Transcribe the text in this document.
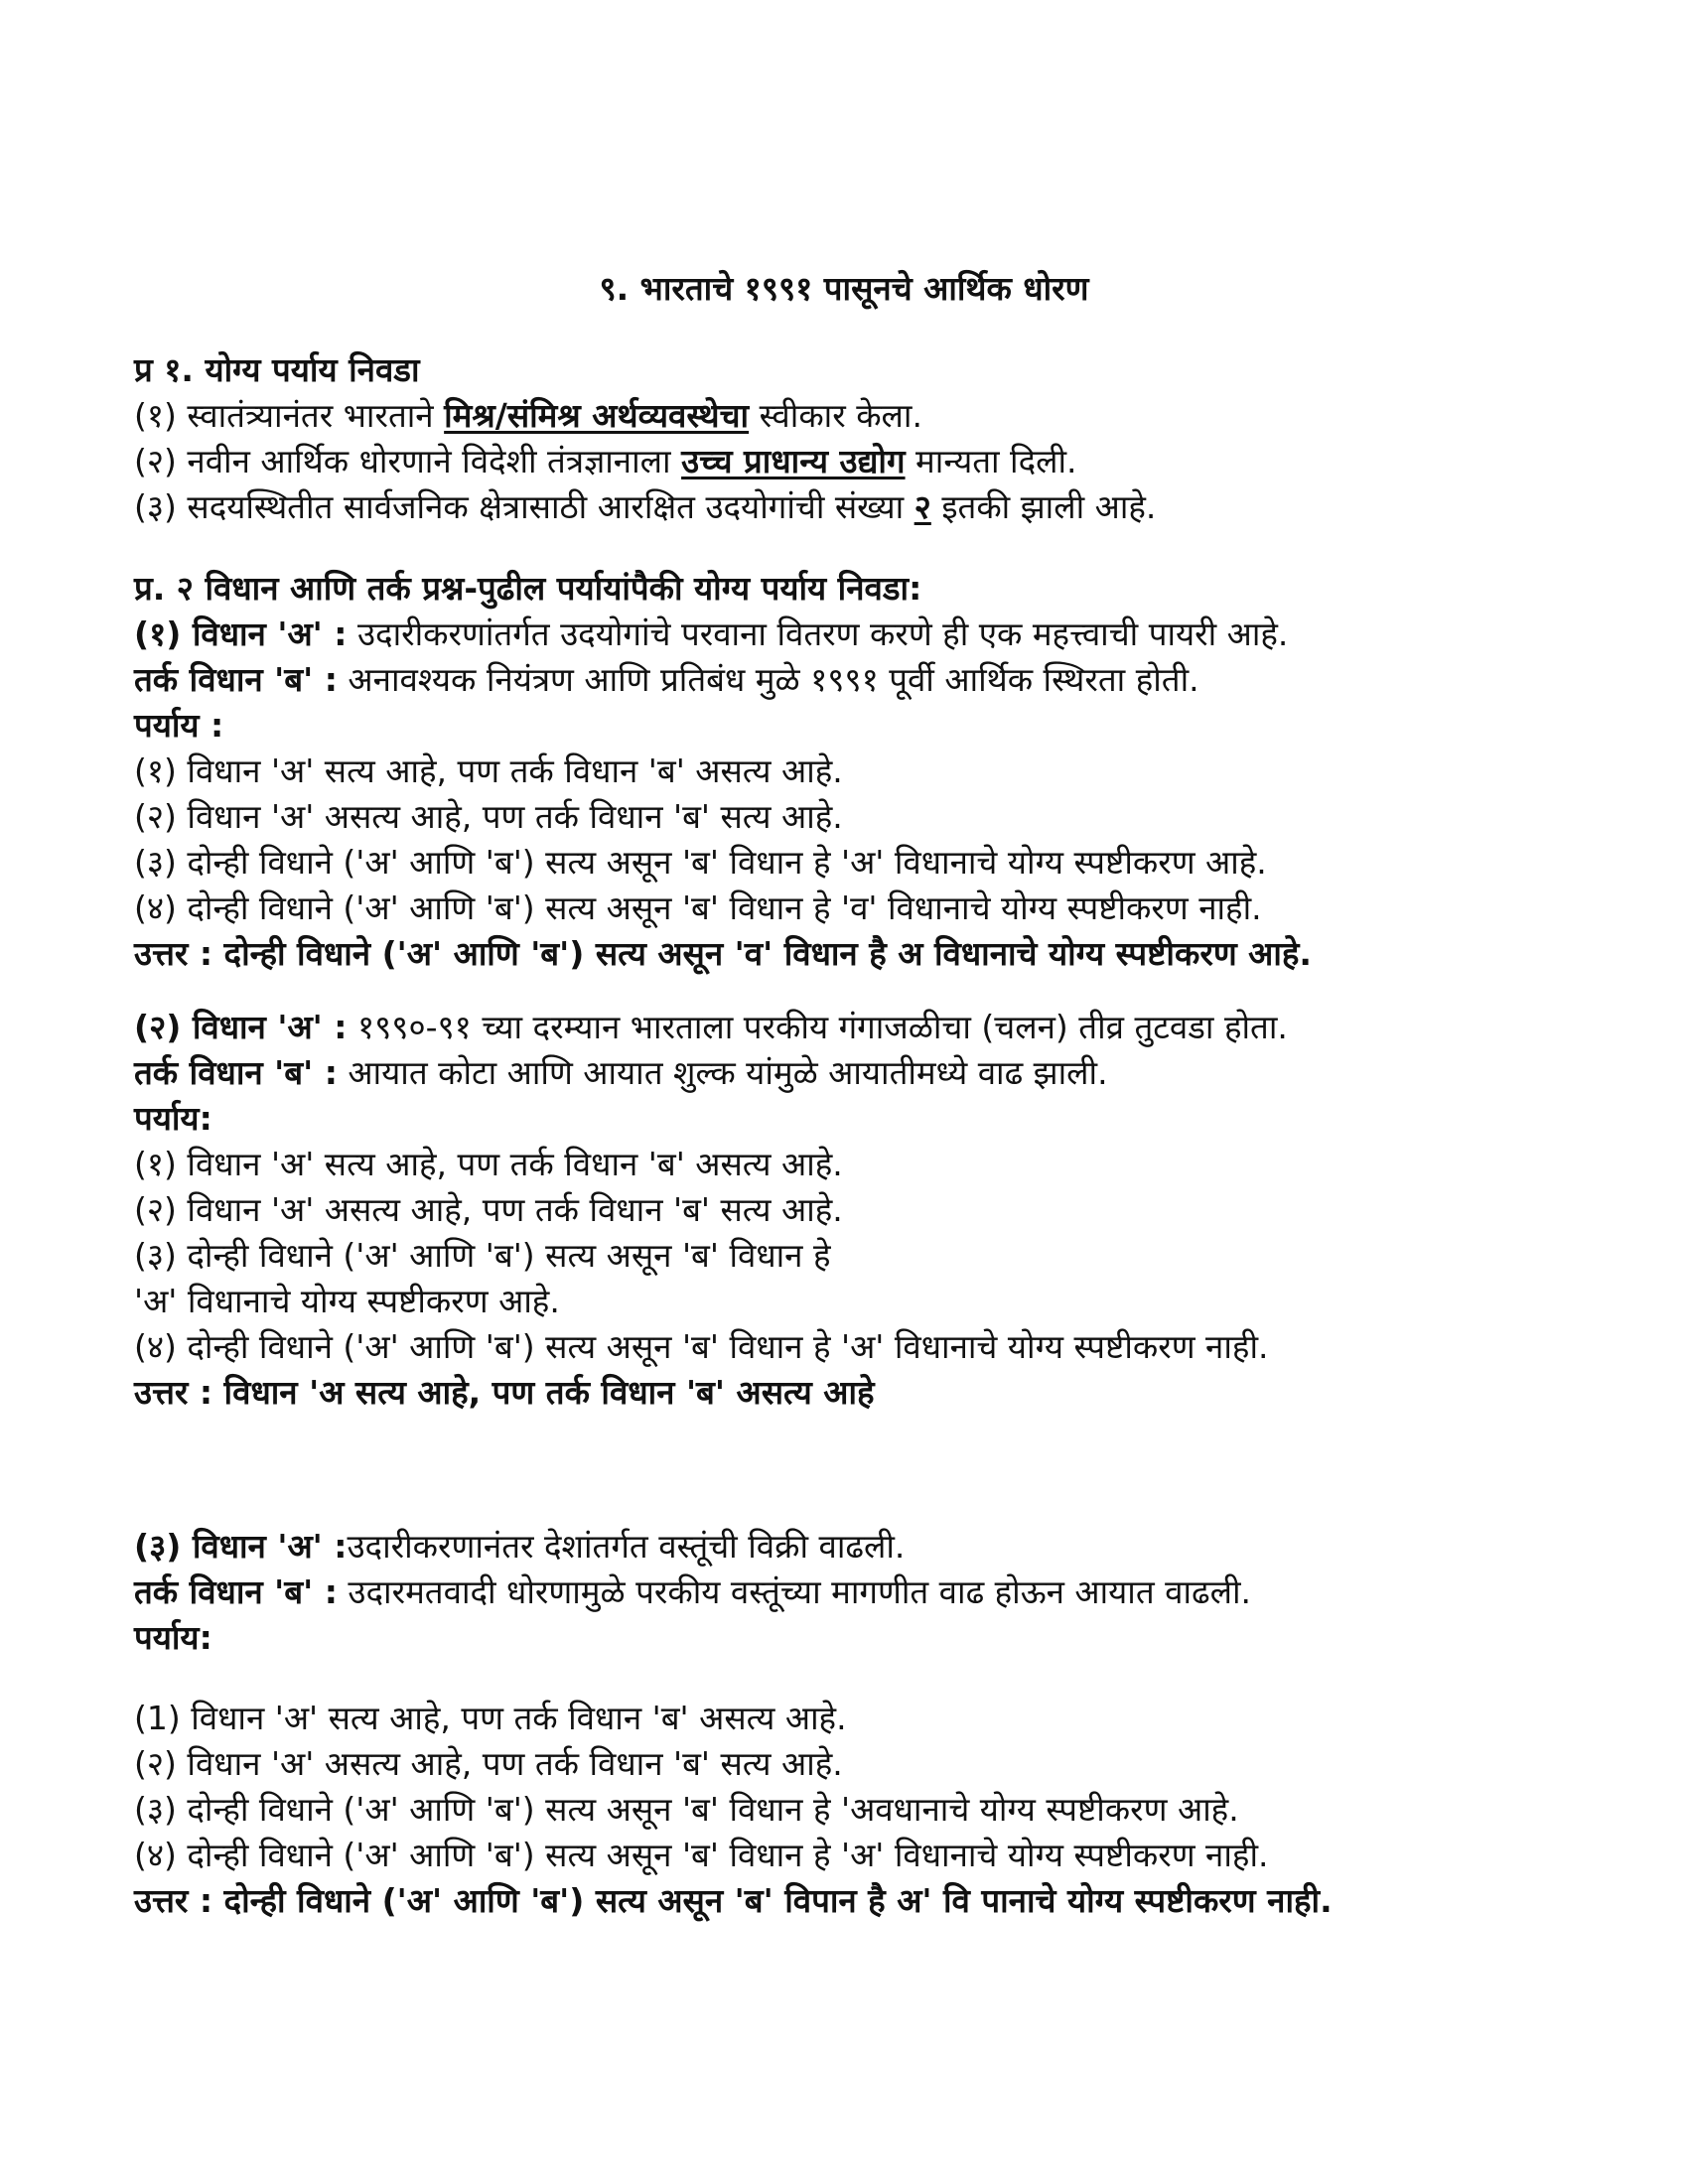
९. भारताचे १९९१ पासूनचे आर्थिक धोरण
प्र १. योग्य पर्याय निवडा
(१) स्वातंत्र्यानंतर भारताने मिश्र/संमिश्र अर्थव्यवस्थेचा स्वीकार केला.
(२) नवीन आर्थिक धोरणाने विदेशी तंत्रज्ञानाला उच्च प्राधान्य उद्योग मान्यता दिली.
(३) सदयस्थितीत सार्वजनिक क्षेत्रासाठी आरक्षित उदयोगांची संख्या २ इतकी झाली आहे.
प्र. २ विधान आणि तर्क प्रश्न-पुढील पर्यायांपैकी योग्य पर्याय निवडा:
(१) विधान 'अ' : उदारीकरणांतर्गत उदयोगांचे परवाना वितरण करणे ही एक महत्त्वाची पायरी आहे.
तर्क विधान 'ब' : अनावश्यक नियंत्रण आणि प्रतिबंध मुळे १९९१ पूर्वी आर्थिक स्थिरता होती.
पर्याय :
(१) विधान 'अ' सत्य आहे, पण तर्क विधान 'ब' असत्य आहे.
(२) विधान 'अ' असत्य आहे, पण तर्क विधान 'ब' सत्य आहे.
(३) दोन्ही विधाने ('अ' आणि 'ब') सत्य असून 'ब' विधान हे 'अ' विधानाचे योग्य स्पष्टीकरण आहे.
(४) दोन्ही विधाने ('अ' आणि 'ब') सत्य असून 'ब' विधान हे 'व' विधानाचे योग्य स्पष्टीकरण नाही.
उत्तर : दोन्ही विधाने ('अ' आणि 'ब') सत्य असून 'व' विधान है अ विधानाचे योग्य स्पष्टीकरण आहे.
(२) विधान 'अ' : १९९०-९१ च्या दरम्यान भारताला परकीय गंगाजळीचा (चलन) तीव्र तुटवडा होता.
तर्क विधान 'ब' : आयात कोटा आणि आयात शुल्क यांमुळे आयातीमध्ये वाढ झाली.
पर्याय:
(१) विधान 'अ' सत्य आहे, पण तर्क विधान 'ब' असत्य आहे.
(२) विधान 'अ' असत्य आहे, पण तर्क विधान 'ब' सत्य आहे.
(३) दोन्ही विधाने ('अ' आणि 'ब') सत्य असून 'ब' विधान हे
'अ' विधानाचे योग्य स्पष्टीकरण आहे.
(४) दोन्ही विधाने ('अ' आणि 'ब') सत्य असून 'ब' विधान हे 'अ' विधानाचे योग्य स्पष्टीकरण नाही.
उत्तर : विधान 'अ सत्य आहे, पण तर्क विधान 'ब' असत्य आहे
(३) विधान 'अ' :उदारीकरणानंतर देशांतर्गत वस्तूंची विक्री वाढली.
तर्क विधान 'ब' : उदारमतवादी धोरणामुळे परकीय वस्तूंच्या मागणीत वाढ होऊन आयात वाढली.
पर्याय:
(1) विधान 'अ' सत्य आहे, पण तर्क विधान 'ब' असत्य आहे.
(२) विधान 'अ' असत्य आहे, पण तर्क विधान 'ब' सत्य आहे.
(३) दोन्ही विधाने ('अ' आणि 'ब') सत्य असून 'ब' विधान हे 'अवधानाचे योग्य स्पष्टीकरण आहे.
(४) दोन्ही विधाने ('अ' आणि 'ब') सत्य असून 'ब' विधान हे 'अ' विधानाचे योग्य स्पष्टीकरण नाही.
उत्तर : दोन्ही विधाने ('अ' आणि 'ब') सत्य असून 'ब' विपान है अ' वि पानाचे योग्य स्पष्टीकरण नाही.
